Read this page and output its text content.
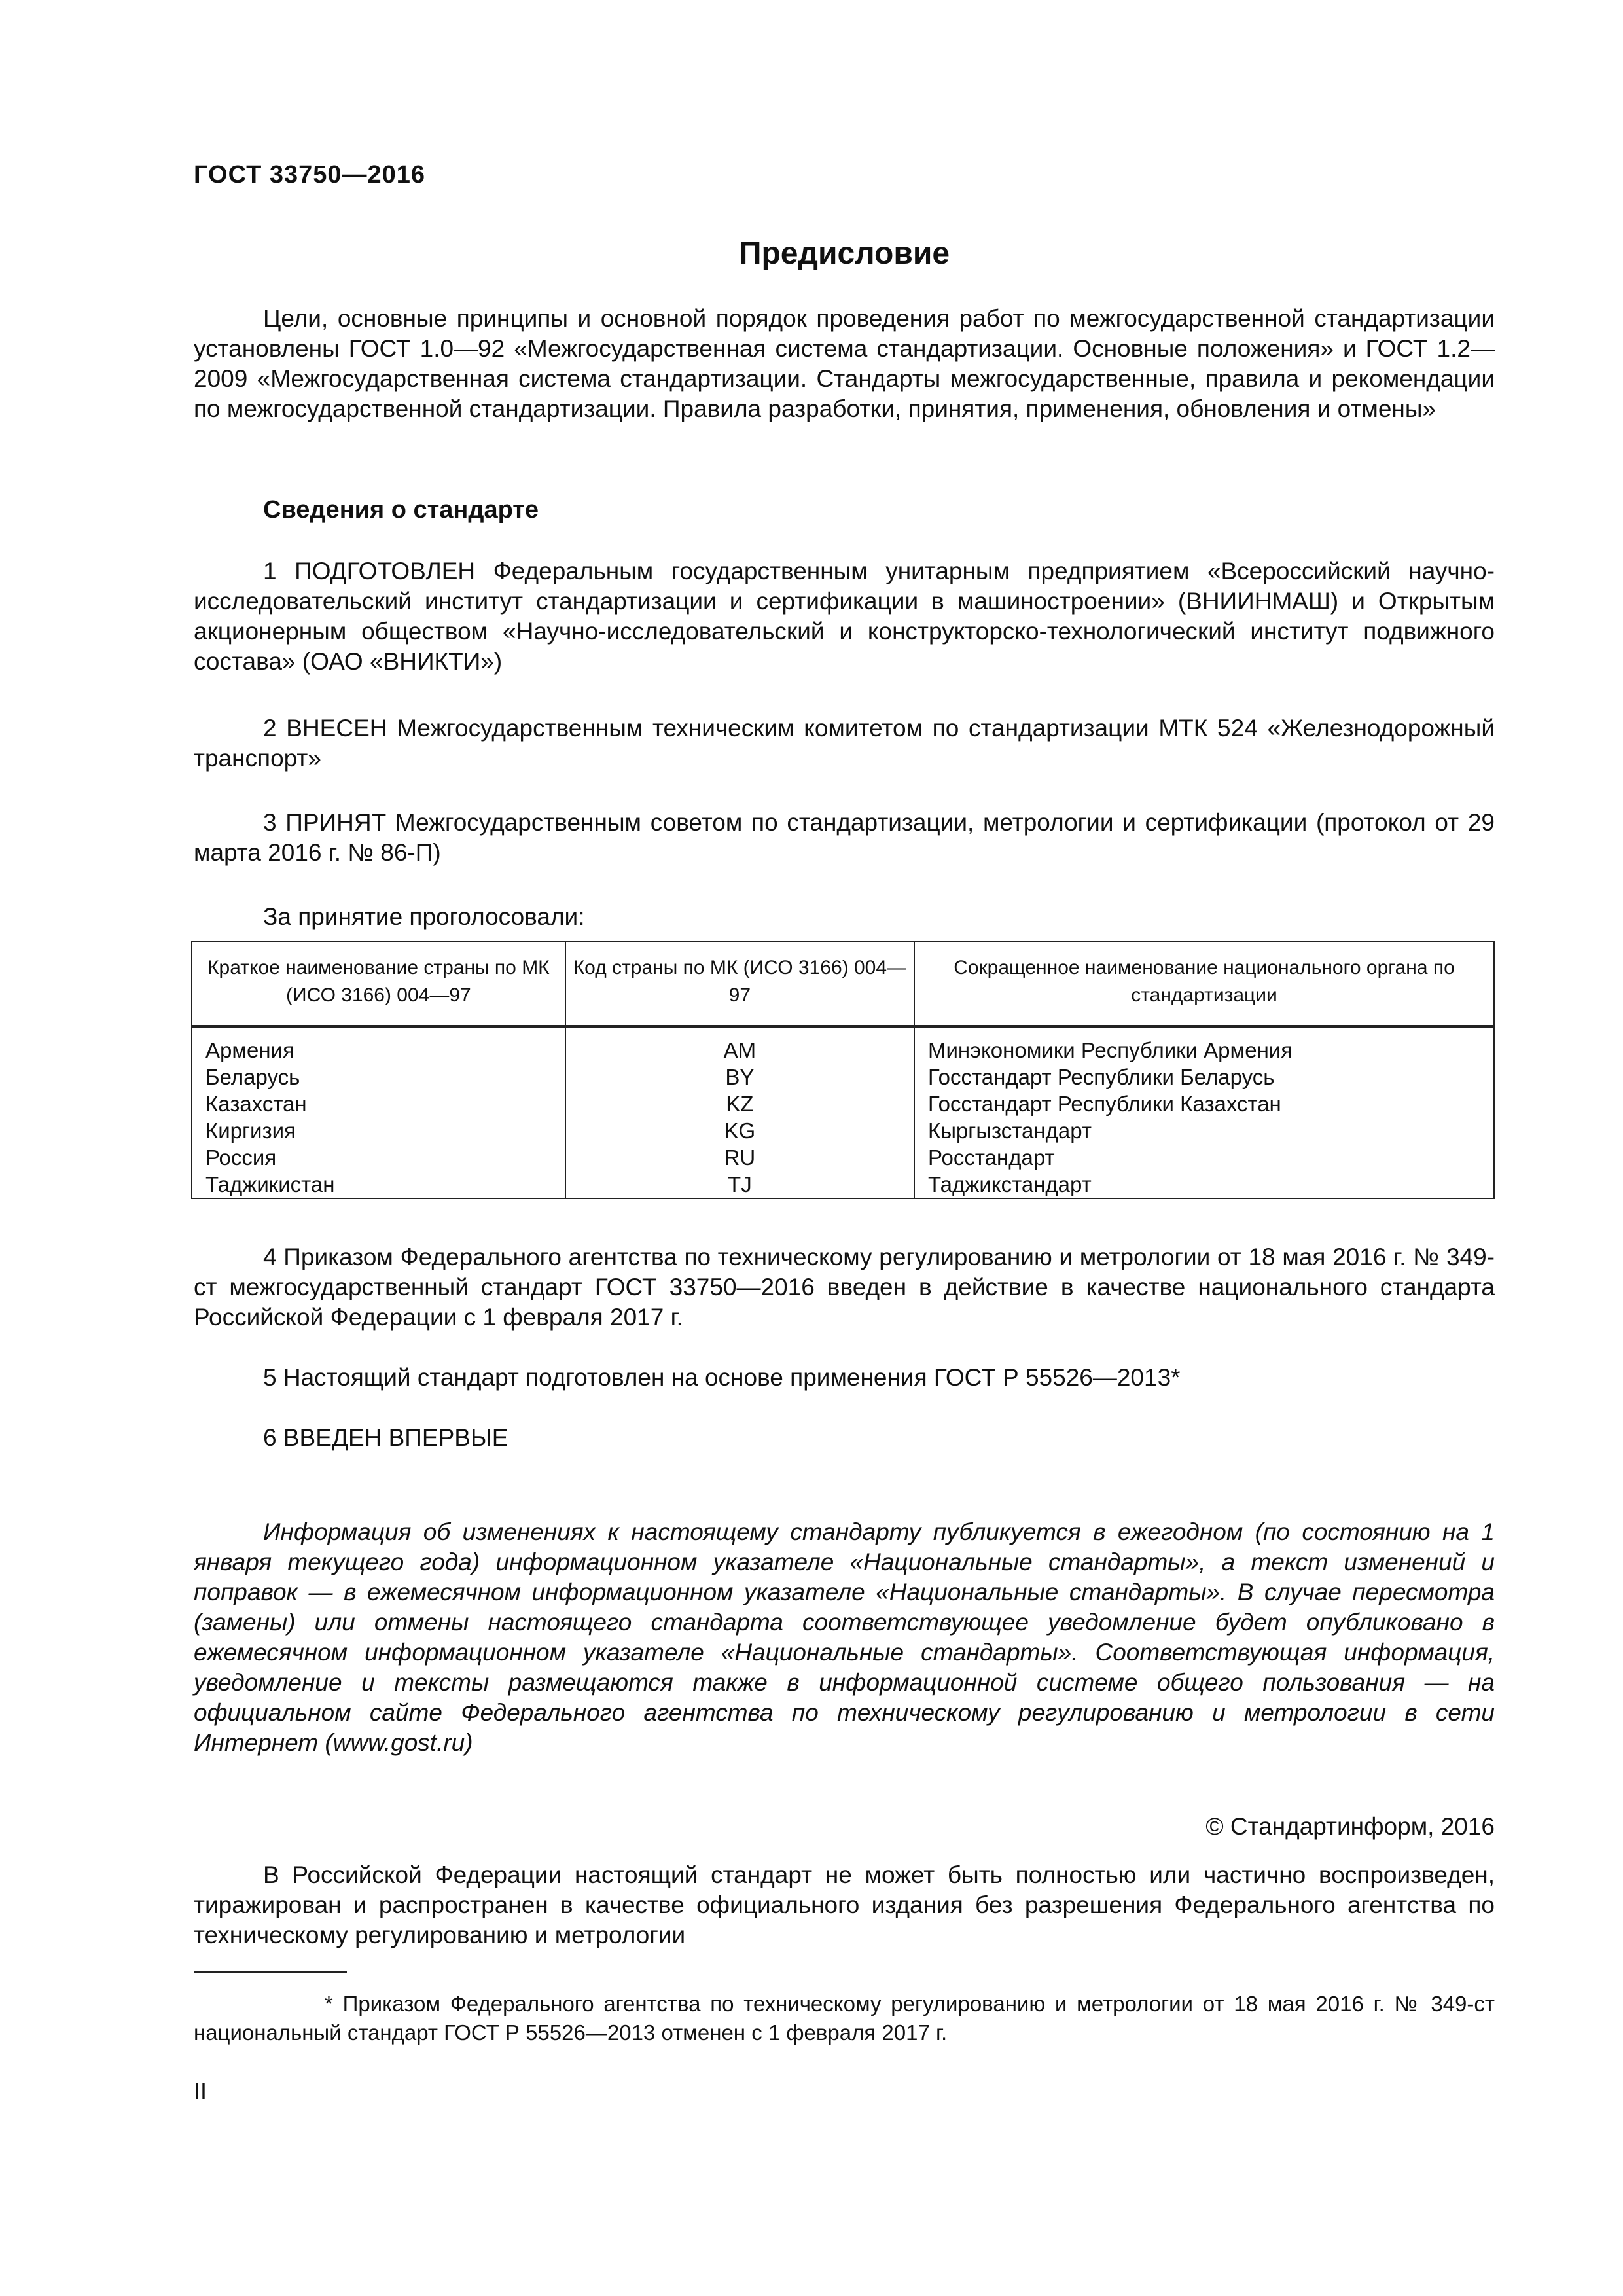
ГОСТ 33750—2016
Предисловие

Цели, основные принципы и основной порядок проведения работ по межгосударственной стандартизации установлены ГОСТ 1.0—92 «Межгосударственная система стандартизации. Основные положения» и ГОСТ 1.2—2009 «Межгосударственная система стандартизации. Стандарты межгосударственные, правила и рекомендации по межгосударственной стандартизации. Правила разработки, принятия, применения, обновления и отмены»

Сведения о стандарте

1 ПОДГОТОВЛЕН Федеральным государственным унитарным предприятием «Всероссийский научно-исследовательский институт стандартизации и сертификации в машиностроении» (ВНИИНМАШ) и Открытым акционерным обществом «Научно-исследовательский и конструкторско-технологический институт подвижного состава» (ОАО «ВНИКТИ»)

2 ВНЕСЕН Межгосударственным техническим комитетом по стандартизации МТК 524 «Железнодорожный транспорт»

3 ПРИНЯТ Межгосударственным советом по стандартизации, метрологии и сертификации (протокол от 29 марта 2016 г. № 86-П)

За принятие проголосовали:

Краткое наименование страны по МК (ИСО 3166) 004—97	Код страны по МК (ИСО 3166) 004—97	Сокращенное наименование национального органа по стандартизации

Армения	AM	Минэкономики Республики Армения
Беларусь	BY	Госстандарт Республики Беларусь
Казахстан	KZ	Госстандарт Республики Казахстан
Киргизия	KG	Кыргызстандарт
Россия	RU	Росстандарт
Таджикистан	TJ	Таджикстандарт

4 Приказом Федерального агентства по техническому регулированию и метрологии от 18 мая 2016 г. № 349-ст межгосударственный стандарт ГОСТ 33750—2016 введен в действие в качестве национального стандарта Российской Федерации с 1 февраля 2017 г.

5 Настоящий стандарт подготовлен на основе применения ГОСТ Р 55526—2013*

6 ВВЕДЕН ВПЕРВЫЕ

Информация об изменениях к настоящему стандарту публикуется в ежегодном (по состоянию на 1 января текущего года) информационном указателе «Национальные стандарты», а текст изменений и поправок — в ежемесячном информационном указателе «Национальные стандарты». В случае пересмотра (замены) или отмены настоящего стандарта соответствующее уведомление будет опубликовано в ежемесячном информационном указателе «Национальные стандарты». Соответствующая информация, уведомление и тексты размещаются также в информационной системе общего пользования — на официальном сайте Федерального агентства по техническому регулированию и метрологии в сети Интернет (www.gost.ru)

© Стандартинформ, 2016

В Российской Федерации настоящий стандарт не может быть полностью или частично воспроизведен, тиражирован и распространен в качестве официального издания без разрешения Федерального агентства по техническому регулированию и метрологии

* Приказом Федерального агентства по техническому регулированию и метрологии от 18 мая 2016 г. № 349-ст национальный стандарт ГОСТ Р 55526—2013 отменен с 1 февраля 2017 г.

II
